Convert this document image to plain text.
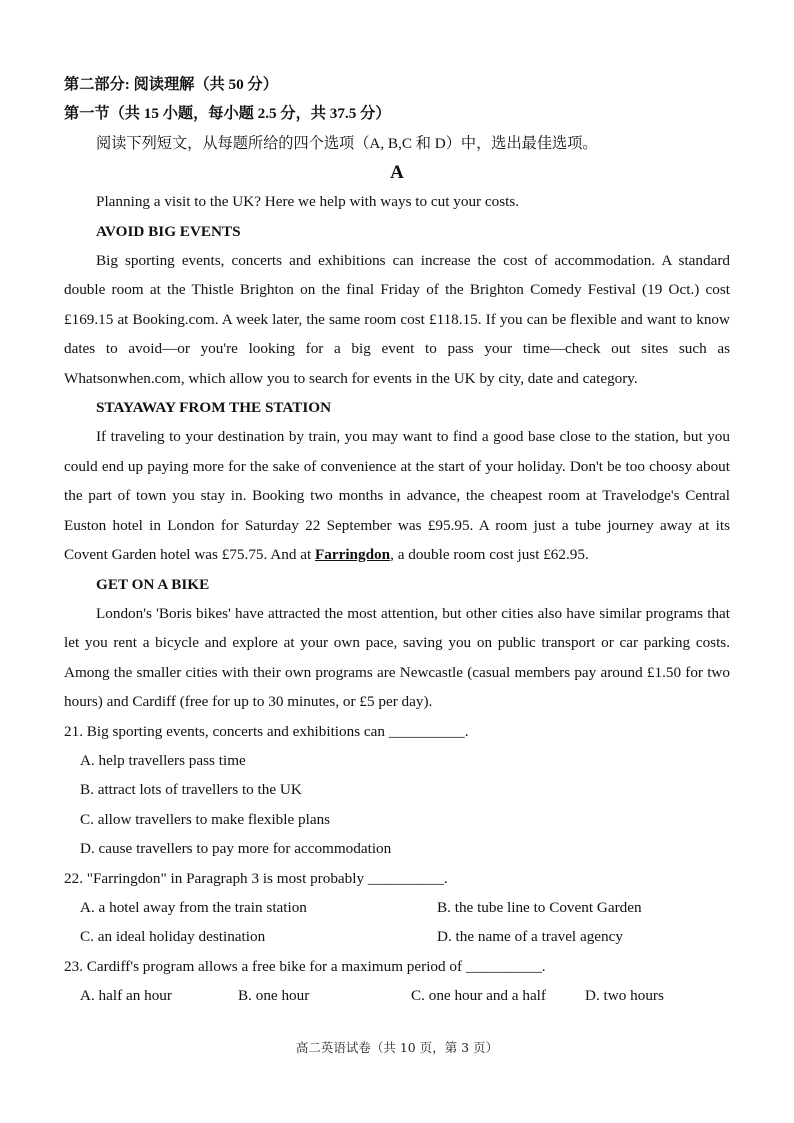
第二部分: 阅读理解（共 50 分）
第一节（共 15 小题，每小题 2.5 分，共 37.5 分）
阅读下列短文，从每题所给的四个选项（A, B,C 和 D）中，选出最佳选项。
A
Planning a visit to the UK? Here we help with ways to cut your costs.
AVOID BIG EVENTS
Big sporting events, concerts and exhibitions can increase the cost of accommodation. A standard double room at the Thistle Brighton on the final Friday of the Brighton Comedy Festival (19 Oct.) cost £169.15 at Booking.com. A week later, the same room cost £118.15. If you can be flexible and want to know dates to avoid—or you're looking for a big event to pass your time—check out sites such as Whatsonwhen.com, which allow you to search for events in the UK by city, date and category.
STAYAWAY FROM THE STATION
If traveling to your destination by train, you may want to find a good base close to the station, but you could end up paying more for the sake of convenience at the start of your holiday. Don't be too choosy about the part of town you stay in. Booking two months in advance, the cheapest room at Travelodge's Central Euston hotel in London for Saturday 22 September was £95.95. A room just a tube journey away at its Covent Garden hotel was £75.75. And at Farringdon, a double room cost just £62.95.
GET ON A BIKE
London's 'Boris bikes' have attracted the most attention, but other cities also have similar programs that let you rent a bicycle and explore at your own pace, saving you on public transport or car parking costs. Among the smaller cities with their own programs are Newcastle (casual members pay around £1.50 for two hours) and Cardiff (free for up to 30 minutes, or £5 per day).
21. Big sporting events, concerts and exhibitions can __________.
A. help travellers pass time
B. attract lots of travellers to the UK
C. allow travellers to make flexible plans
D. cause travellers to pay more for accommodation
22. "Farringdon" in Paragraph 3 is most probably __________.
A. a hotel away from the train station	B. the tube line to Covent Garden
C. an ideal holiday destination	D. the name of a travel agency
23. Cardiff's program allows a free bike for a maximum period of __________.
A. half an hour	B. one hour	C. one hour and a half	D. two hours
高二英语试卷（共 10 页，第 3 页）
